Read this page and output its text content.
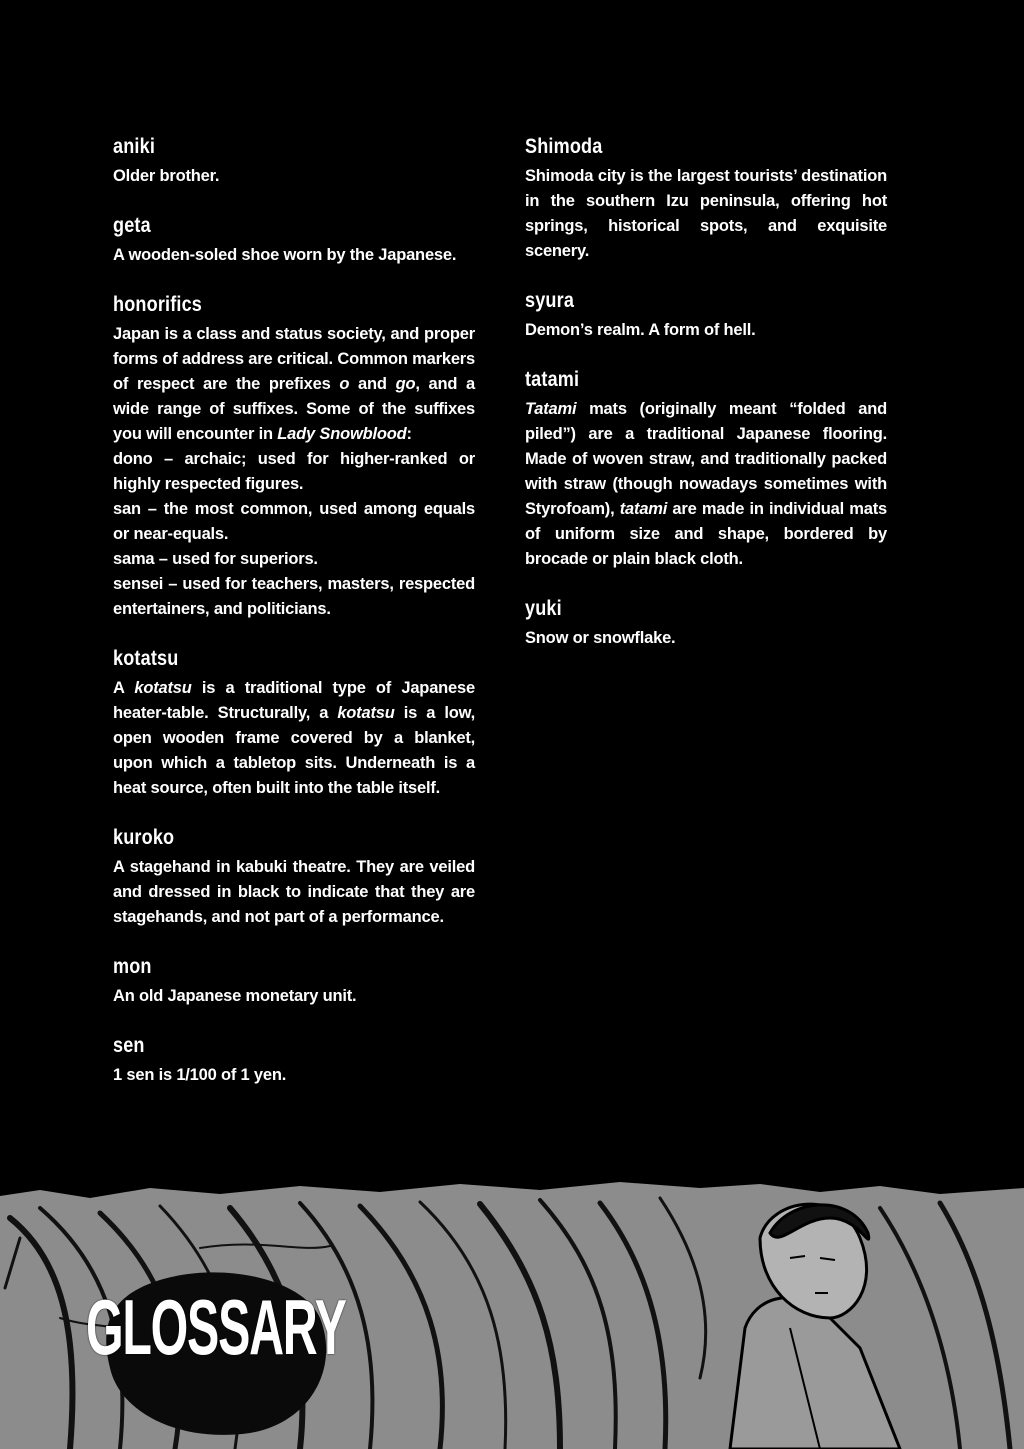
aniki
Older brother.
geta
A wooden-soled shoe worn by the Japanese.
honorifics
Japan is a class and status society, and proper forms of address are critical. Common markers of respect are the prefixes o and go, and a wide range of suffixes. Some of the suffixes you will encounter in Lady Snowblood:
dono – archaic; used for higher-ranked or highly respected figures.
san – the most common, used among equals or near-equals.
sama – used for superiors.
sensei – used for teachers, masters, respected entertainers, and politicians.
kotatsu
A kotatsu is a traditional type of Japanese heater-table. Structurally, a kotatsu is a low, open wooden frame covered by a blanket, upon which a tabletop sits. Underneath is a heat source, often built into the table itself.
kuroko
A stagehand in kabuki theatre. They are veiled and dressed in black to indicate that they are stagehands, and not part of a performance.
mon
An old Japanese monetary unit.
sen
1 sen is 1/100 of 1 yen.
Shimoda
Shimoda city is the largest tourists’ destination in the southern Izu peninsula, offering hot springs, historical spots, and exquisite scenery.
syura
Demon’s realm. A form of hell.
tatami
Tatami mats (originally meant “folded and piled”) are a traditional Japanese flooring. Made of woven straw, and traditionally packed with straw (though nowadays sometimes with Styrofoam), tatami are made in individual mats of uniform size and shape, bordered by brocade or plain black cloth.
yuki
Snow or snowflake.
GLOSSARY
